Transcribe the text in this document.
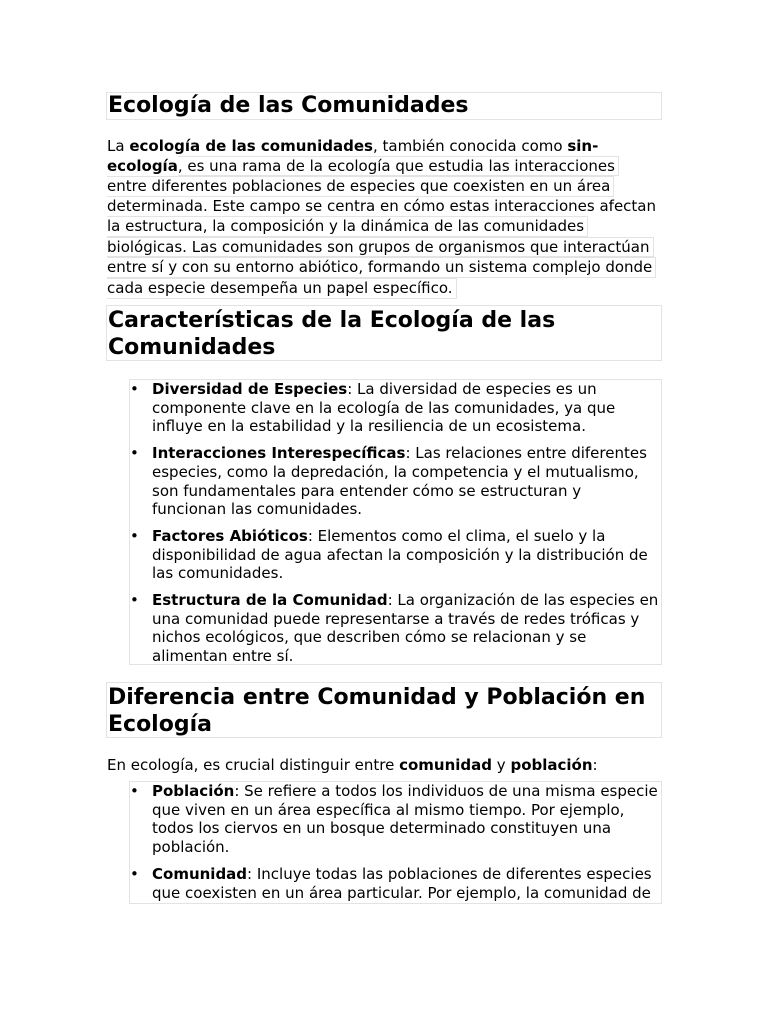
Ecología de las Comunidades
La ecología de las comunidades, también conocida como sin-
ecología, es una rama de la ecología que estudia las interacciones
entre diferentes poblaciones de especies que coexisten en un área
determinada. Este campo se centra en cómo estas interacciones afectan
la estructura, la composición y la dinámica de las comunidades
biológicas. Las comunidades son grupos de organismos que interactúan
entre sí y con su entorno abiótico, formando un sistema complejo donde
cada especie desempeña un papel específico.
Características de la Ecología de las
Comunidades
• Diversidad de Especies: La diversidad de especies es un
componente clave en la ecología de las comunidades, ya que
influye en la estabilidad y la resiliencia de un ecosistema.
• Interacciones Interespecíficas: Las relaciones entre diferentes
especies, como la depredación, la competencia y el mutualismo,
son fundamentales para entender cómo se estructuran y
funcionan las comunidades.
• Factores Abióticos: Elementos como el clima, el suelo y la
disponibilidad de agua afectan la composición y la distribución de
las comunidades.
• Estructura de la Comunidad: La organización de las especies en
una comunidad puede representarse a través de redes tróficas y
nichos ecológicos, que describen cómo se relacionan y se
alimentan entre sí.
Diferencia entre Comunidad y Población en
Ecología
En ecología, es crucial distinguir entre comunidad y población:
• Población: Se refiere a todos los individuos de una misma especie
que viven en un área específica al mismo tiempo. Por ejemplo,
todos los ciervos en un bosque determinado constituyen una
población.
• Comunidad: Incluye todas las poblaciones de diferentes especies
que coexisten en un área particular. Por ejemplo, la comunidad de
